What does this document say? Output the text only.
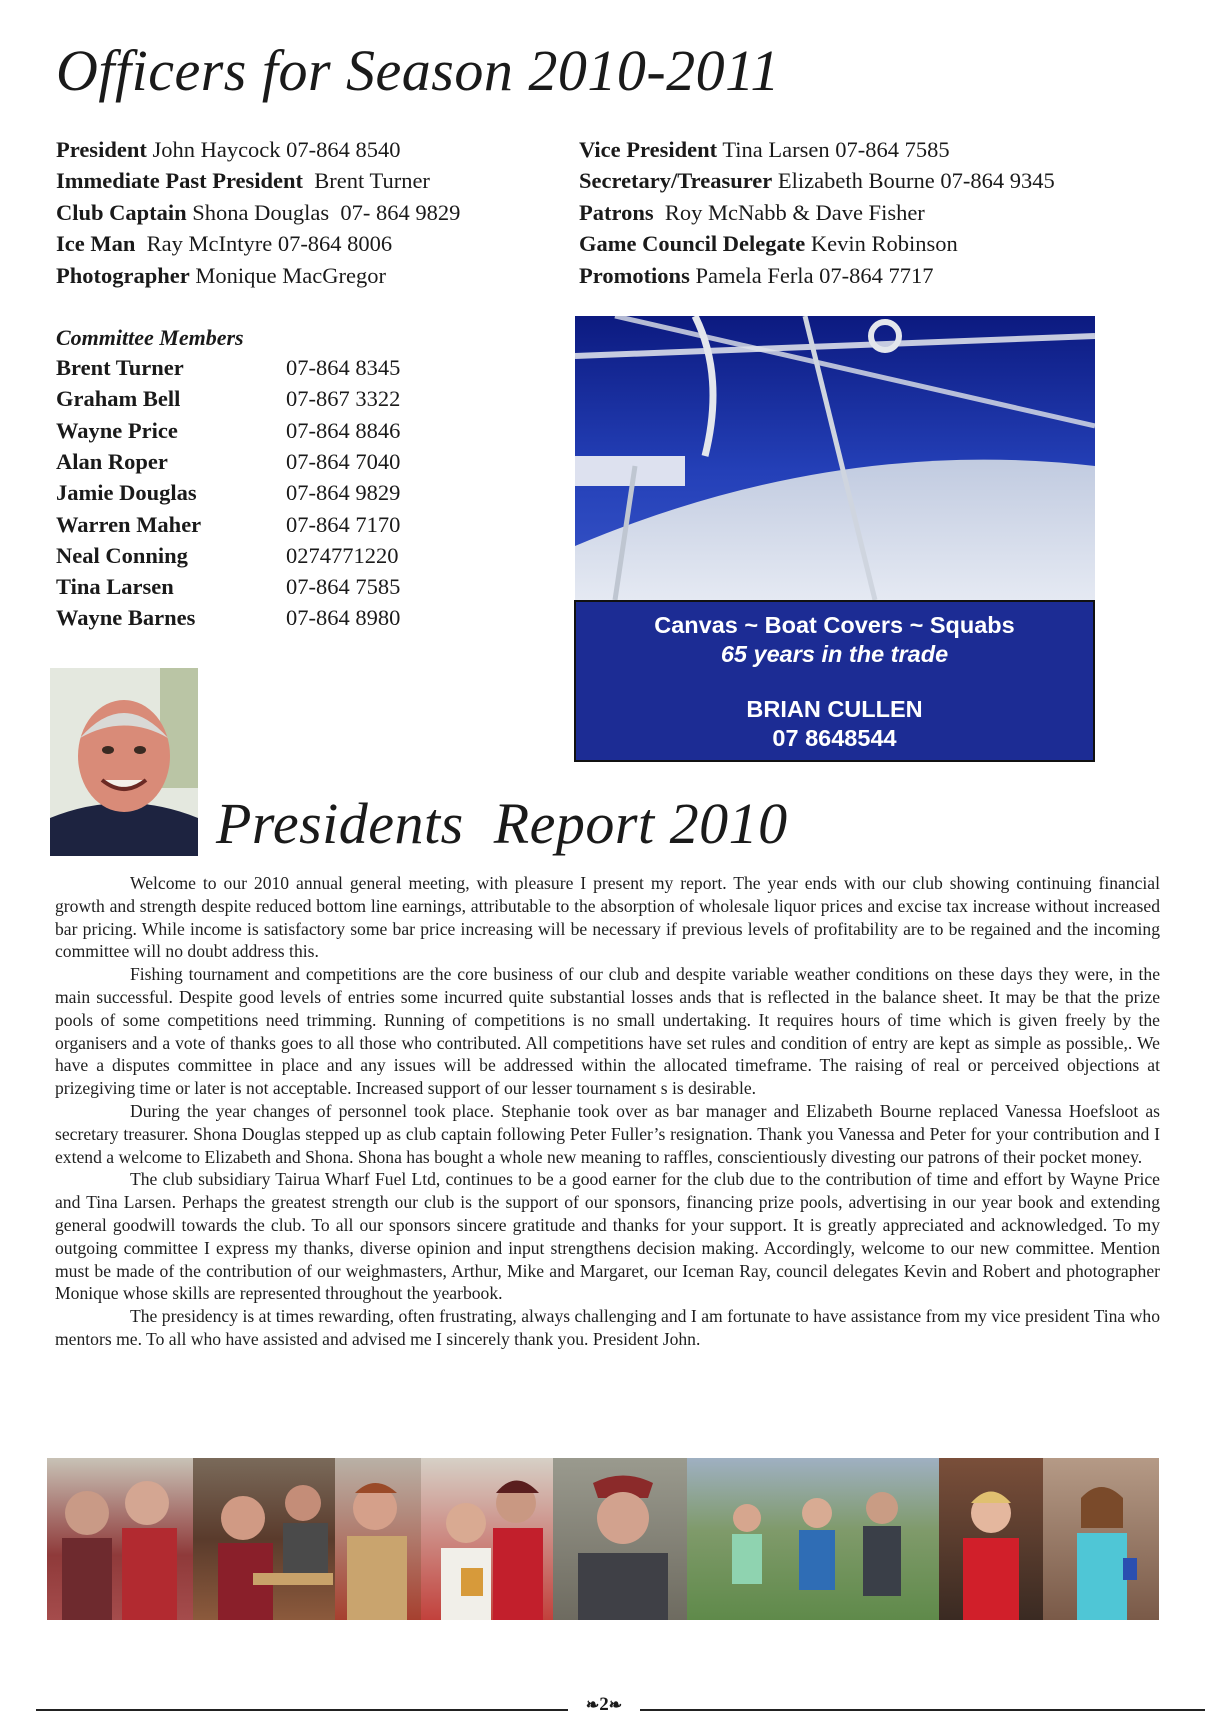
Officers for Season 2010-2011
President John Haycock 07-864 8540
Immediate Past President Brent Turner
Club Captain Shona Douglas  07- 864 9829
Ice Man Ray McIntyre 07-864 8006
Photographer Monique MacGregor
Vice President Tina Larsen 07-864 7585
Secretary/Treasurer Elizabeth Bourne 07-864 9345
Patrons Roy McNabb & Dave Fisher
Game Council Delegate Kevin Robinson
Promotions Pamela Ferla 07-864 7717
Committee Members
Brent Turner	07-864 8345
Graham Bell	07-867 3322
Wayne Price	07-864 8846
Alan Roper	07-864 7040
Jamie Douglas	07-864 9829
Warren Maher	07-864 7170
Neal Conning	0274771220
Tina Larsen	07-864 7585
Wayne Barnes	07-864 8980	Canvas ~ Boat Covers ~ Squabs
65 years in the trade
BRIAN CULLEN
07 8648544
Presidents  Report 2010

Welcome to our 2010 annual general meeting, with pleasure I present my report. The year ends with our club showing continuing financial growth and strength despite reduced bottom line earnings, attributable to the absorption of wholesale liquor prices and excise tax increase without increased bar pricing. While income is satisfactory some bar price increasing will be necessary if previous levels of profitability are to be regained and the incoming committee will no doubt address this.

Fishing tournament and competitions are the core business of our club and despite variable weather conditions on these days they were, in the main successful. Despite good levels of entries some incurred quite substantial losses ands that is reflected in the balance sheet. It may be that the prize pools of some competitions need trimming. Running of competitions is no small undertaking. It requires hours of time which is given freely by the organisers and a vote of thanks goes to all those who contributed. All competitions have set rules and condition of entry are kept as simple as possible,. We have a disputes committee in place and any issues will be addressed within the allocated timeframe. The raising of real or perceived objections at prizegiving time or later is not acceptable. Increased support of our lesser tournament s is desirable.

During the year changes of personnel took place. Stephanie took over as bar manager and Elizabeth Bourne replaced Vanessa Hoefsloot as secretary treasurer. Shona Douglas stepped up as club captain following Peter Fuller’s resignation. Thank you Vanessa and Peter for your contribution and I extend a welcome to Elizabeth and Shona. Shona has bought a whole new meaning to raffles, conscientiously divesting our patrons of their pocket money.

The club subsidiary Tairua Wharf Fuel Ltd, continues to be a good earner for the club due to the contribution of time and effort by Wayne Price and Tina Larsen. Perhaps the greatest strength our club is the support of our sponsors, financing prize pools, advertising in our year book and extending general goodwill towards the club. To all our sponsors sincere gratitude and thanks for your support. It is greatly appreciated and acknowledged. To my outgoing committee I express my thanks, diverse opinion and input strengthens decision making. Accordingly, welcome to our new committee. Mention must be made of the contribution of our weighmasters, Arthur, Mike and Margaret, our Iceman Ray, council delegates Kevin and Robert and photographer Monique whose skills are represented throughout the yearbook.

The presidency is at times rewarding, often frustrating, always challenging and I am fortunate to have assistance from my vice president Tina who mentors me. To all who have assisted and advised me I sincerely thank you. President John.

❧2❧
